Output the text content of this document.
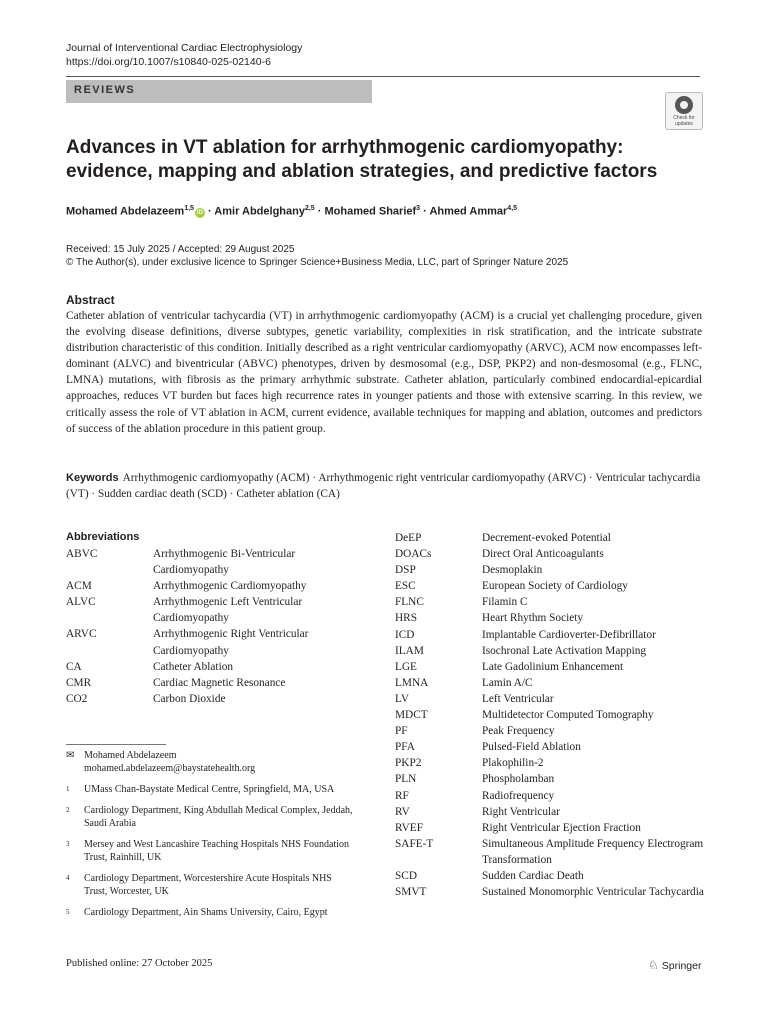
Journal of Interventional Cardiac Electrophysiology
https://doi.org/10.1007/s10840-025-02140-6
REVIEWS
Check for updates
Advances in VT ablation for arrhythmogenic cardiomyopathy:
evidence, mapping and ablation strategies, and predictive factors
Mohamed Abdelazeem$^{1,5}$iD · Amir Abdelghany$^{2,5}$ · Mohamed Sharief$^3$ · Ahmed Ammar$^{4,5}$
Received: 15 July 2025 / Accepted: 29 August 2025
© The Author(s), under exclusive licence to Springer Science+Business Media, LLC, part of Springer Nature 2025
Abstract
Catheter ablation of ventricular tachycardia (VT) in arrhythmogenic cardiomyopathy (ACM) is a crucial yet challenging procedure, given the evolving disease definitions, diverse subtypes, genetic variability, complexities in risk stratification, and the intricate substrate distribution characteristic of this condition. Initially described as a right ventricular cardiomyopathy (ARVC), ACM now encompasses left-dominant (ALVC) and biventricular (ABVC) phenotypes, driven by desmosomal (e.g., DSP, PKP2) and non-desmosomal (e.g., FLNC, LMNA) mutations, with fibrosis as the primary arrhythmic substrate. Catheter ablation, particularly combined endocardial-epicardial approaches, reduces VT burden but faces high recurrence rates in younger patients and those with extensive scarring. In this review, we critically assess the role of VT ablation in ACM, current evidence, available techniques for mapping and ablation, outcomes and predictors of success of the ablation procedure in this patient group.
Keywords Arrhythmogenic cardiomyopathy (ACM) · Arrhythmogenic right ventricular cardiomyopathy (ARVC) · Ventricular tachycardia (VT) · Sudden cardiac death (SCD) · Catheter ablation (CA)
Abbreviations
ABVC	Arrhythmogenic Bi-Ventricular Cardiomyopathy
ACM	Arrhythmogenic Cardiomyopathy
ALVC	Arrhythmogenic Left Ventricular Cardiomyopathy
ARVC	Arrhythmogenic Right Ventricular Cardiomyopathy
CA	Catheter Ablation
CMR	Cardiac Magnetic Resonance
CO2	Carbon Dioxide
DeEP	Decrement-evoked Potential
DOACs	Direct Oral Anticoagulants
DSP	Desmoplakin
ESC	European Society of Cardiology
FLNC	Filamin C
HRS	Heart Rhythm Society
ICD	Implantable Cardioverter-Defibrillator
ILAM	Isochronal Late Activation Mapping
LGE	Late Gadolinium Enhancement
LMNA	Lamin A/C
LV	Left Ventricular
MDCT	Multidetector Computed Tomography
PF	Peak Frequency
PFA	Pulsed-Field Ablation
PKP2	Plakophilin-2
PLN	Phospholamban
RF	Radiofrequency
RV	Right Ventricular
RVEF	Right Ventricular Ejection Fraction
SAFE-T	Simultaneous Amplitude Frequency Electrogram Transformation
SCD	Sudden Cardiac Death
SMVT	Sustained Monomorphic Ventricular Tachycardia
✉ Mohamed Abdelazeem
mohamed.abdelazeem@baystatehealth.org
1	UMass Chan-Baystate Medical Centre, Springfield, MA, USA
2	Cardiology Department, King Abdullah Medical Complex, Jeddah, Saudi Arabia
3	Mersey and West Lancashire Teaching Hospitals NHS Foundation Trust, Rainhill, UK
4	Cardiology Department, Worcestershire Acute Hospitals NHS Trust, Worcester, UK
5	Cardiology Department, Ain Shams University, Cairo, Egypt
Published online: 27 October 2025	♘ Springer
